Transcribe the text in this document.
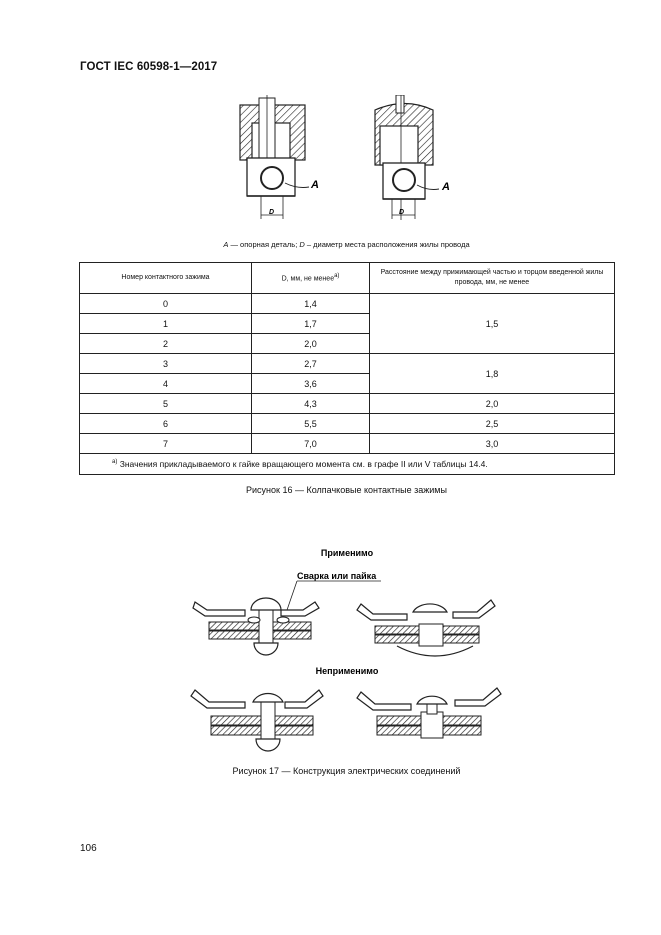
ГОСТ IEC 60598-1—2017
A
D
A
D
A — опорная деталь; D – диаметр места расположения жилы провода
Номер контактного зажима	D, мм, не менееa)	Расстояние между прижимающей частью и торцом введенной жилы провода, мм, не менее
0	1,4	1,5
1	1,7	
2	2,0	
3	2,7	1,8
4	3,6	
5	4,3	2,0
6	5,5	2,5
7	7,0	3,0
$^{a)}$ Значения прикладываемого к гайке вращающего момента см. в графе II или V таблицы 14.4.		
Рисунок 16 — Колпачковые контактные зажимы
Применимо
Сварка или пайка
Неприменимо
Рисунок 17 — Конструкция электрических соединений
106
